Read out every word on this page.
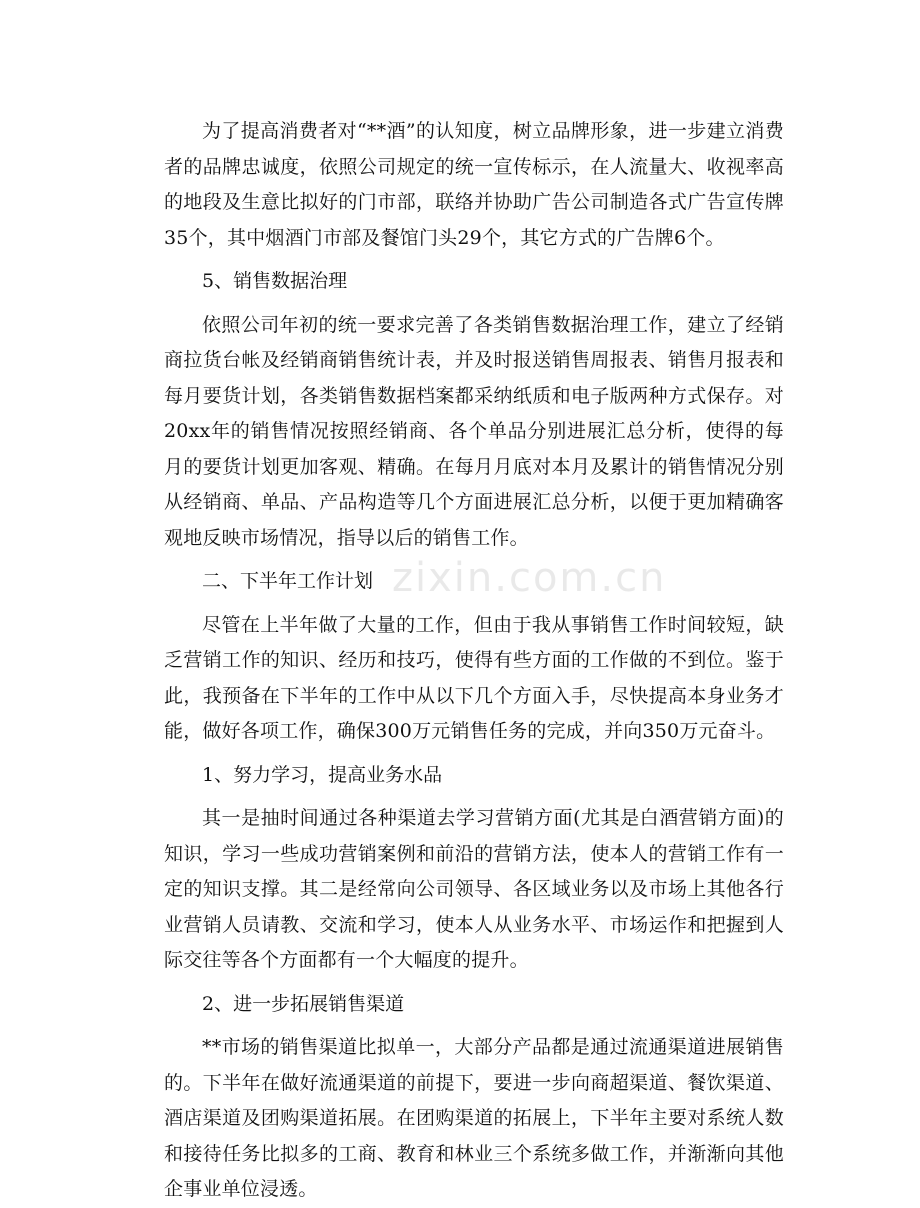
为了提高消费者对“**酒”的认知度，树立品牌形象，进一步建立消费者的品牌忠诚度，依照公司规定的统一宣传标示，在人流量大、收视率高的地段及生意比拟好的门市部，联络并协助广告公司制造各式广告宣传牌35个，其中烟酒门市部及餐馆门头29个，其它方式的广告牌6个。

5、销售数据治理

依照公司年初的统一要求完善了各类销售数据治理工作，建立了经销商拉货台帐及经销商销售统计表，并及时报送销售周报表、销售月报表和每月要货计划，各类销售数据档案都采纳纸质和电子版两种方式保存。对20xx年的销售情况按照经销商、各个单品分别进展汇总分析，使得的每月的要货计划更加客观、精确。在每月月底对本月及累计的销售情况分别从经销商、单品、产品构造等几个方面进展汇总分析，以便于更加精确客观地反映市场情况，指导以后的销售工作。

二、下半年工作计划

尽管在上半年做了大量的工作，但由于我从事销售工作时间较短，缺乏营销工作的知识、经历和技巧，使得有些方面的工作做的不到位。鉴于此，我预备在下半年的工作中从以下几个方面入手，尽快提高本身业务才能，做好各项工作，确保300万元销售任务的完成，并向350万元奋斗。

1、努力学习，提高业务水品

其一是抽时间通过各种渠道去学习营销方面(尤其是白酒营销方面)的知识，学习一些成功营销案例和前沿的营销方法，使本人的营销工作有一定的知识支撑。其二是经常向公司领导、各区域业务以及市场上其他各行业营销人员请教、交流和学习，使本人从业务水平、市场运作和把握到人际交往等各个方面都有一个大幅度的提升。

2、进一步拓展销售渠道

**市场的销售渠道比拟单一，大部分产品都是通过流通渠道进展销售的。下半年在做好流通渠道的前提下，要进一步向商超渠道、餐饮渠道、酒店渠道及团购渠道拓展。在团购渠道的拓展上，下半年主要对系统人数和接待任务比拟多的工商、教育和林业三个系统多做工作，并渐渐向其他企事业单位浸透。

zixin.com.cn
